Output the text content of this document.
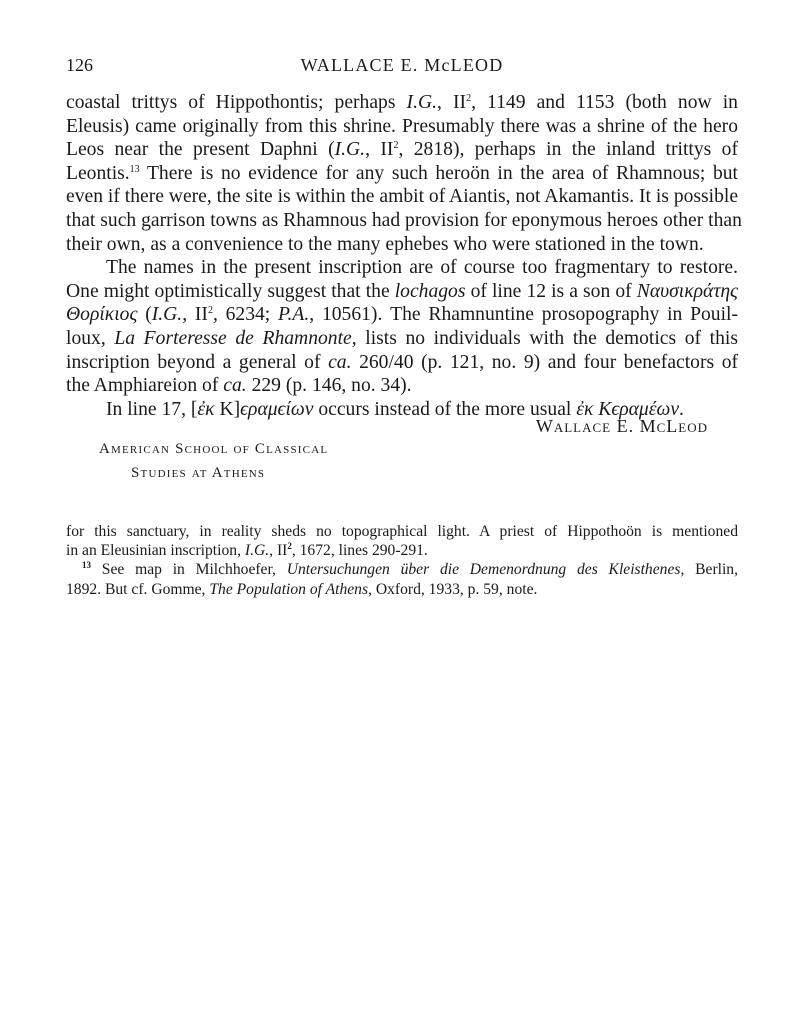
126	WALLACE E. McLEOD
coastal trittys of Hippothontis; perhaps I.G., $II^2$, 1149 and 1153 (both now in
Eleusis) came originally from this shrine. Presumably there was a shrine of the hero
Leos near the present Daphni (I.G., $II^2$, 2818), perhaps in the inland trittys of
Leontis.$^{13}$ There is no evidence for any such heroön in the area of Rhamnous; but
even if there were, the site is within the ambit of Aiantis, not Akamantis. It is possible
that such garrison towns as Rhamnous had provision for eponymous heroes other than
their own, as a convenience to the many ephebes who were stationed in the town.
The names in the present inscription are of course too fragmentary to restore.
One might optimistically suggest that the lochagos of line 12 is a son of Ναυσικράτης
Θορίκιος (I.G., $II^2$, 6234; P.A., 10561). The Rhamnuntine prosopography in Pouil-
loux, La Forteresse de Rhamnonte, lists no individuals with the demotics of this
inscription beyond a general of ca. 260/40 (p. 121, no. 9) and four benefactors of
the Amphiareion of ca. 229 (p. 146, no. 34).
In line 17, [ἐκ K]ϵραμϵίων occurs instead of the more usual ἐκ Κϵραμέων.
Wallace E. McLeod
American School of Classical
Studies at Athens
for this sanctuary, in reality sheds no topographical light. A priest of Hippothoön is mentioned
in an Eleusinian inscription, I.G., $II^2$, 1672, lines 290-291.
$^{13}$ See map in Milchhoefer, Untersuchungen über die Demenordnung des Kleisthenes, Berlin,
1892. But cf. Gomme, The Population of Athens, Oxford, 1933, p. 59, note.
